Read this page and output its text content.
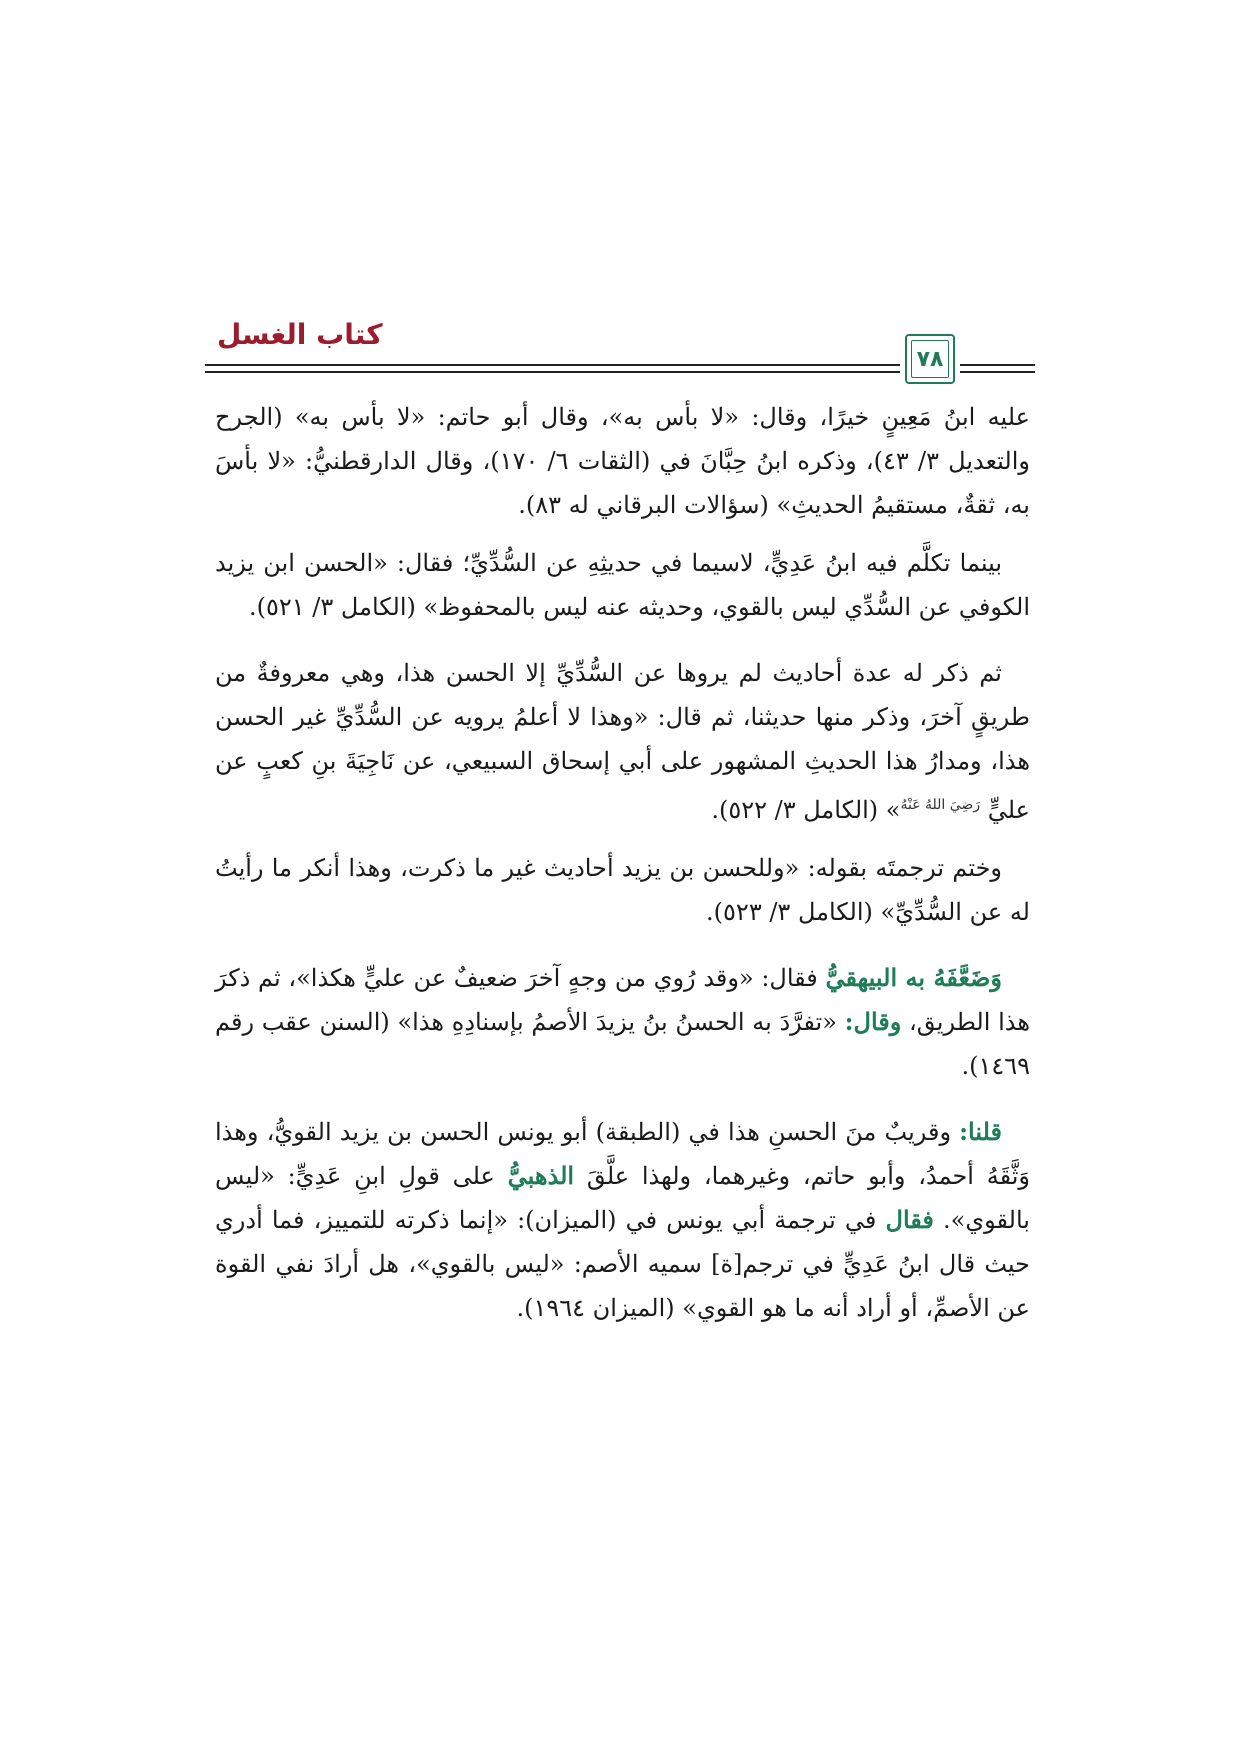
كتاب الغسل
٧٨

عليه ابنُ مَعِينٍ خيرًا، وقال: «لا بأس به»، وقال أبو حاتم: «لا بأس به» (الجرح والتعديل ٣/ ٤٣)، وذكره ابنُ حِبَّانَ في (الثقات ٦/ ١٧٠)، وقال الدارقطنيُّ: «لا بأسَ به، ثقةٌ، مستقيمُ الحديثِ» (سؤالات البرقاني له ٨٣).

بينما تكلَّم فيه ابنُ عَدِيٍّ، لاسيما في حديثِهِ عن السُّدِّيِّ؛ فقال: «الحسن ابن يزيد الكوفي عن السُّدِّي ليس بالقوي، وحديثه عنه ليس بالمحفوظ» (الكامل ٣/ ٥٢١).

ثم ذكر له عدة أحاديث لم يروها عن السُّدِّيِّ إلا الحسن هذا، وهي معروفةٌ من طريقٍ آخرَ، وذكر منها حديثنا، ثم قال: «وهذا لا أعلمُ يرويه عن السُّدِّيِّ غير الحسن هذا، ومدارُ هذا الحديثِ المشهور على أبي إسحاق السبيعي، عن نَاجِيَةَ بنِ كعبٍ عن عليٍّ $^{رَضِيَ اللهُ عَنْهُ}$» (الكامل ٣/ ٥٢٢).

وختم ترجمتَه بقوله: «وللحسن بن يزيد أحاديث غير ما ذكرت، وهذا أنكر ما رأيتُ له عن السُّدِّيِّ» (الكامل ٣/ ٥٢٣).

وَضَعَّفَهُ به البيهقيُّ فقال: «وقد رُوي من وجهٍ آخرَ ضعيفٌ عن عليٍّ هكذا»، ثم ذكرَ هذا الطريق، وقال: «تفرَّدَ به الحسنُ بنُ يزيدَ الأصمُ بإسنادِهِ هذا» (السنن عقب رقم ١٤٦٩).

قلنا: وقريبٌ منَ الحسنِ هذا في (الطبقة) أبو يونس الحسن بن يزيد القويُّ، وهذا وَثَّقَهُ أحمدُ، وأبو حاتم، وغيرهما، ولهذا علَّقَ الذهبيُّ على قولِ ابنِ عَدِيٍّ: «ليس بالقوي». فقال في ترجمة أبي يونس في (الميزان): «إنما ذكرته للتمييز، فما أدري حيث قال ابنُ عَدِيٍّ في ترجم[ة] سميه الأصم: «ليس بالقوي»، هل أرادَ نفي القوة عن الأصمِّ، أو أراد أنه ما هو القوي» (الميزان ١٩٦٤).
